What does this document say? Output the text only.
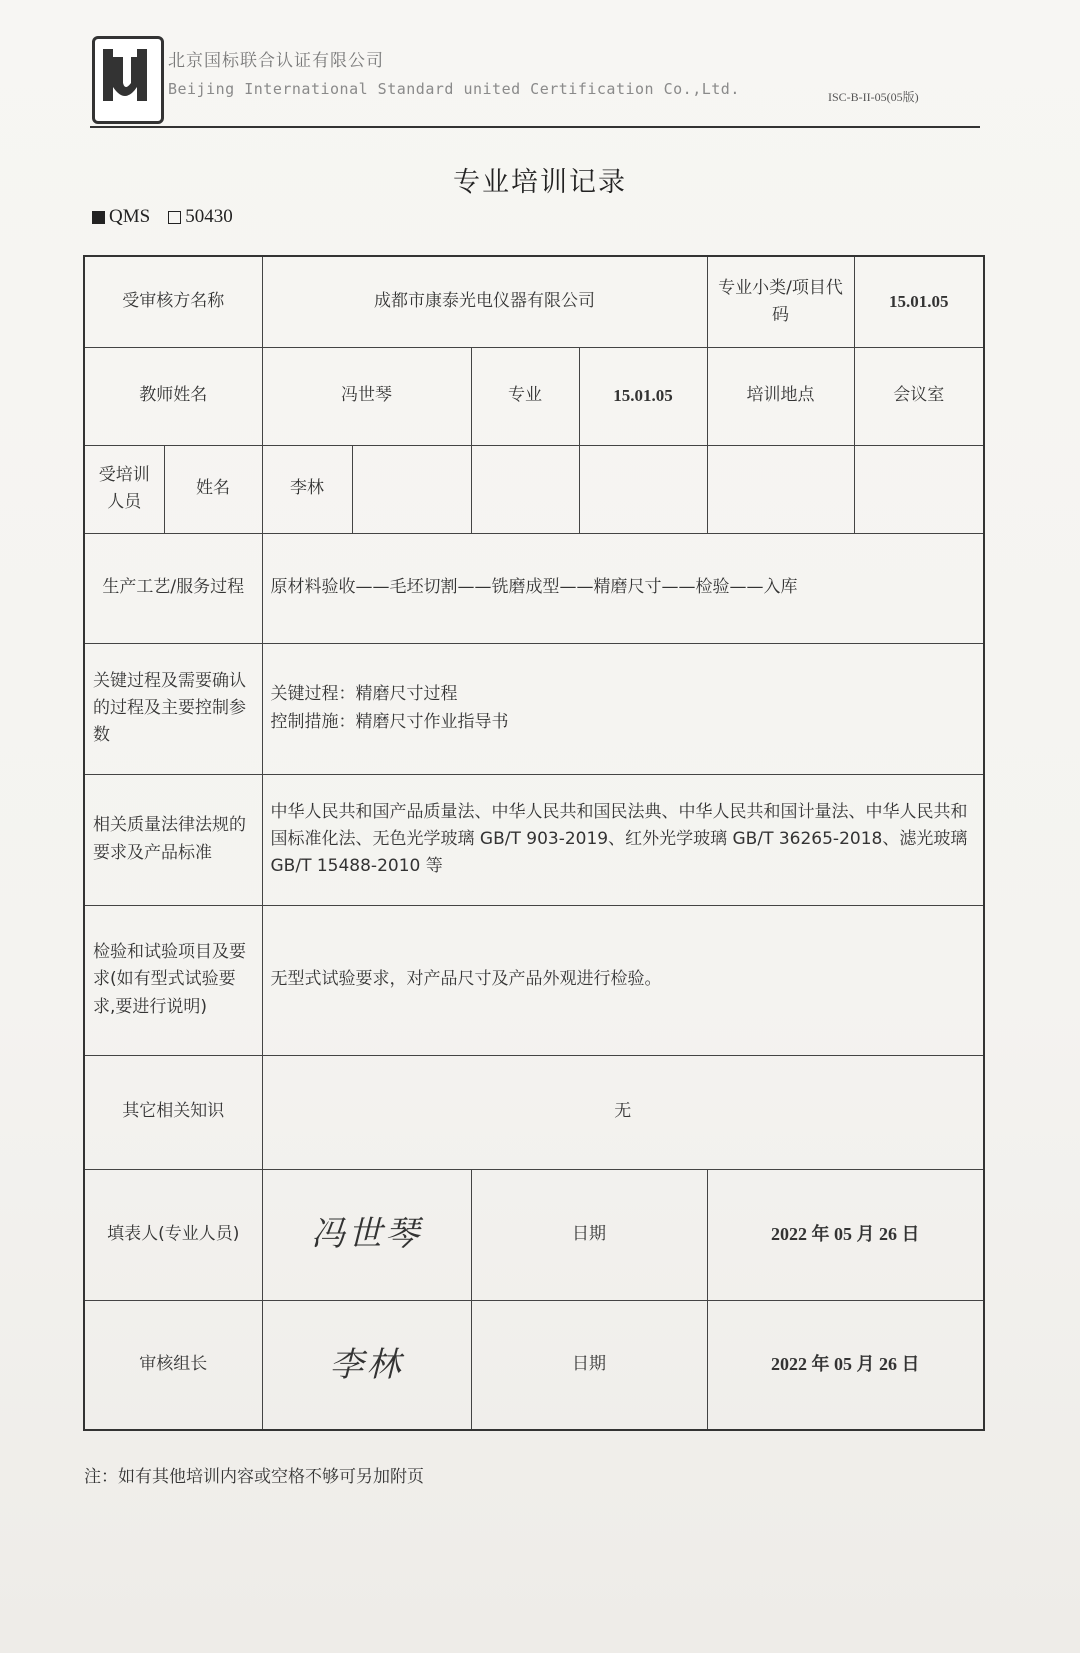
北京国标联合认证有限公司
Beijing International Standard united Certification Co.,Ltd.	ISC-B-II-05(05版)
专业培训记录
QMS 50430
受审核方名称		成都市康泰光电仪器有限公司				专业小类/项目代码	15.01.05
教师姓名		冯世琴		专业	15.01.05	培训地点	会议室
受培训人员	姓名	李林					
生产工艺/服务过程		原材料验收——毛坯切割——铣磨成型——精磨尺寸——检验——入库					
关键过程及需要确认的过程及主要控制参数		关键过程：精磨尺寸过程
控制措施：精磨尺寸作业指导书					

相关质量法律法规的要求及产品标准		中华人民共和国产品质量法、中华人民共和国民法典、中华人民共和国计量法、中华人民共和国标准化法、无色光学玻璃 GB/T 903-2019、红外光学玻璃 GB/T 36265-2018、滤光玻璃 GB/T 15488-2010 等					
检验和试验项目及要求(如有型式试验要求,要进行说明)		无型式试验要求，对产品尺寸及产品外观进行检验。					
其它相关知识		无					
填表人(专业人员)		冯世琴		日期		2022 年 05 月 26 日	
审核组长		李林		日期		2022 年 05 月 26 日	
注：如有其他培训内容或空格不够可另加附页
